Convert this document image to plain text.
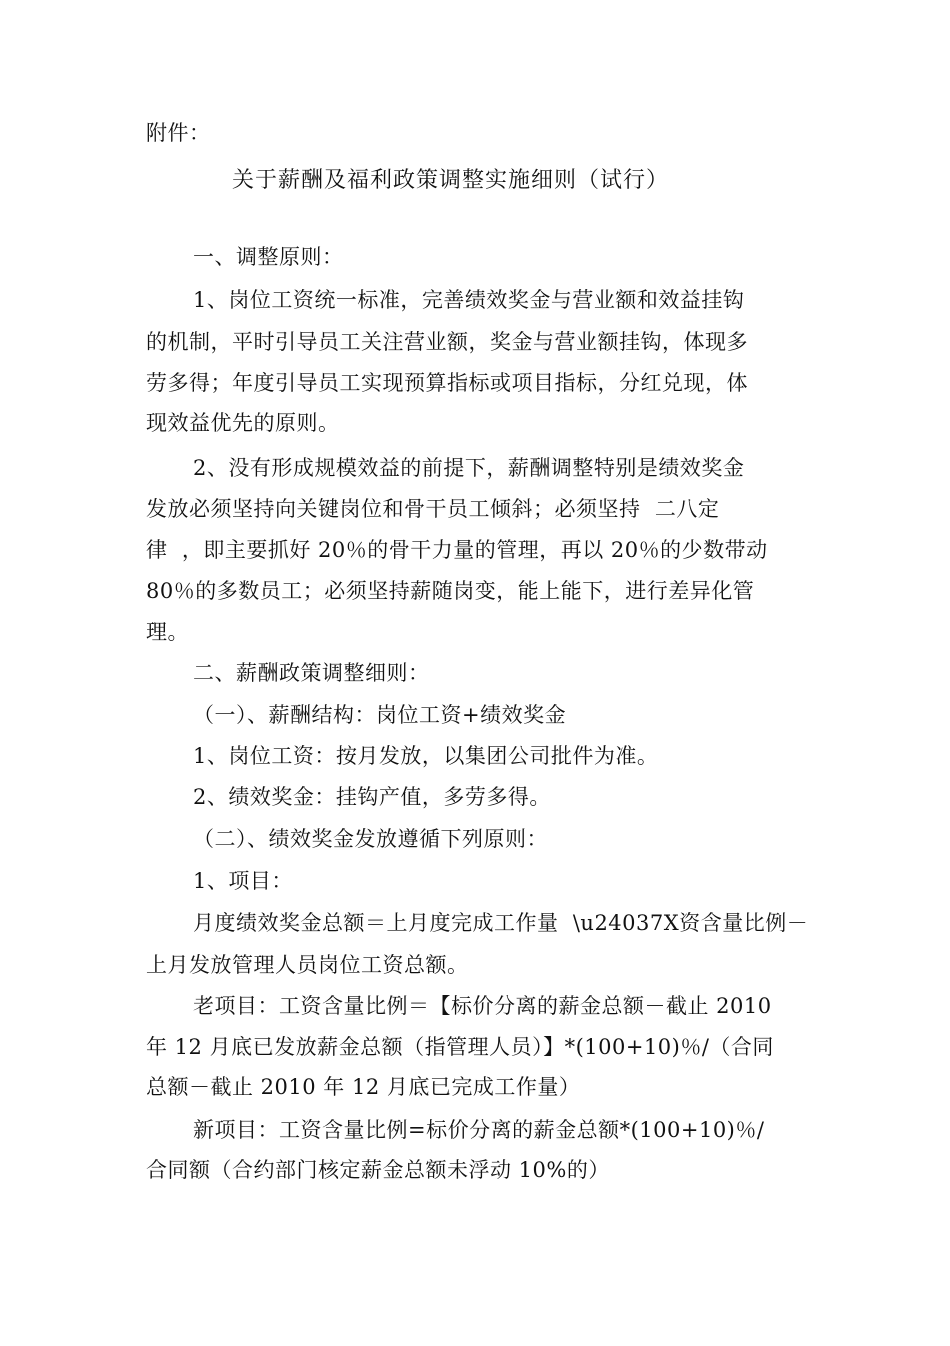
附件：
关于薪酬及福利政策调整实施细则（试行）
一、调整原则：
1、岗位工资统一标准，完善绩效奖金与营业额和效益挂钩
的机制，平时引导员工关注营业额，奖金与营业额挂钩，体现多
劳多得；年度引导员工实现预算指标或项目指标，分红兑现，体
现效益优先的原则。
2、没有形成规模效益的前提下，薪酬调整特别是绩效奖金
发放必须坚持向关键岗位和骨干员工倾斜；必须坚持  二八定
律  ，即主要抓好 20％的骨干力量的管理，再以 20％的少数带动
80％的多数员工；必须坚持薪随岗变，能上能下，进行差异化管
理。
二、薪酬政策调整细则：
（一）、薪酬结构：岗位工资+绩效奖金
1、岗位工资：按月发放，以集团公司批件为准。
2、绩效奖金：挂钩产值，多劳多得。
（二）、绩效奖金发放遵循下列原则：
1、项目：
月度绩效奖金总额＝上月度完成工作量  \u24037X资含量比例－
上月发放管理人员岗位工资总额。
老项目：工资含量比例＝【标价分离的薪金总额－截止 2010
年 12 月底已发放薪金总额（指管理人员）】*(100+10)％/（合同
总额－截止 2010 年 12 月底已完成工作量）
新项目：工资含量比例=标价分离的薪金总额*(100+10)％/
合同额（合约部门核定薪金总额未浮动 10%的）
